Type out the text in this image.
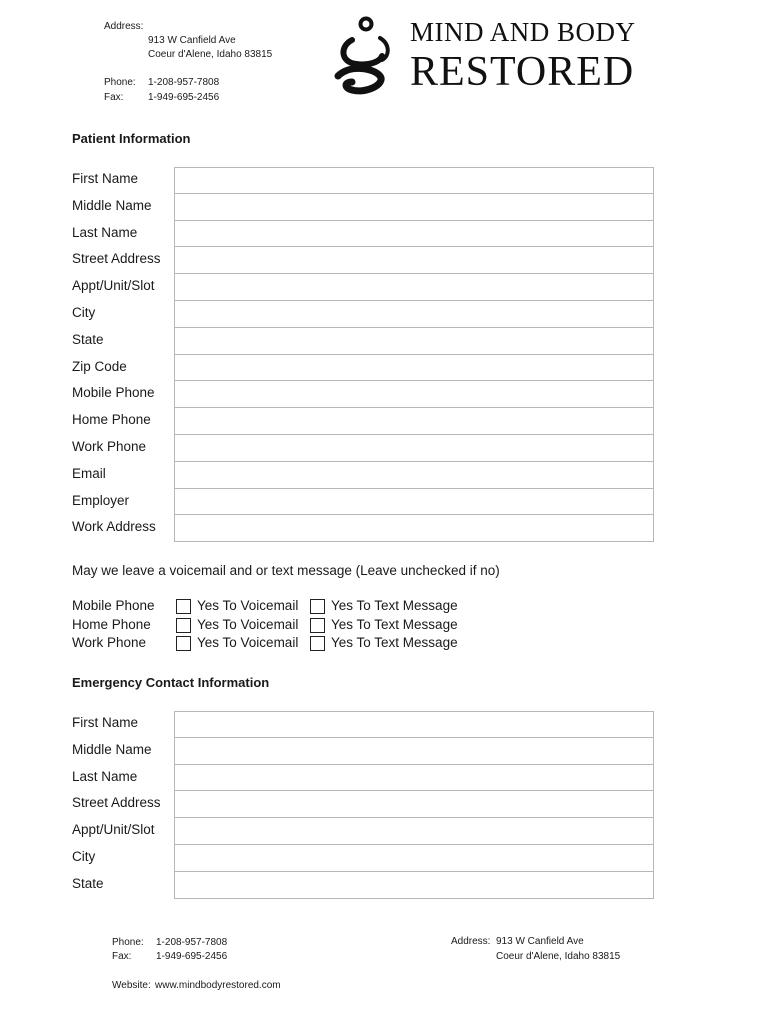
Address:
913 W Canfield Ave
Coeur d'Alene, Idaho 83815
Phone: 1-208-957-7808
Fax: 1-949-695-2456
MIND AND BODY
RESTORED
Patient Information
First Name
Middle Name
Last Name
Street Address
Appt/Unit/Slot
City
State
Zip Code
Mobile Phone
Home Phone
Work Phone
Email
Employer
Work Address
May we leave a voicemail and or text message (Leave unchecked if no)
Mobile Phone	Yes To Voicemail Yes To Text Message
Home Phone	Yes To Voicemail Yes To Text Message
Work Phone	Yes To Voicemail Yes To Text Message
Emergency Contact Information
First Name
Middle Name
Last Name
Street Address
Appt/Unit/Slot
City
State
Phone: 1-208-957-7808
Fax: 1-949-695-2456
Address: 913 W Canfield Ave
Coeur d'Alene, Idaho 83815
Website: www.mindbodyrestored.com
